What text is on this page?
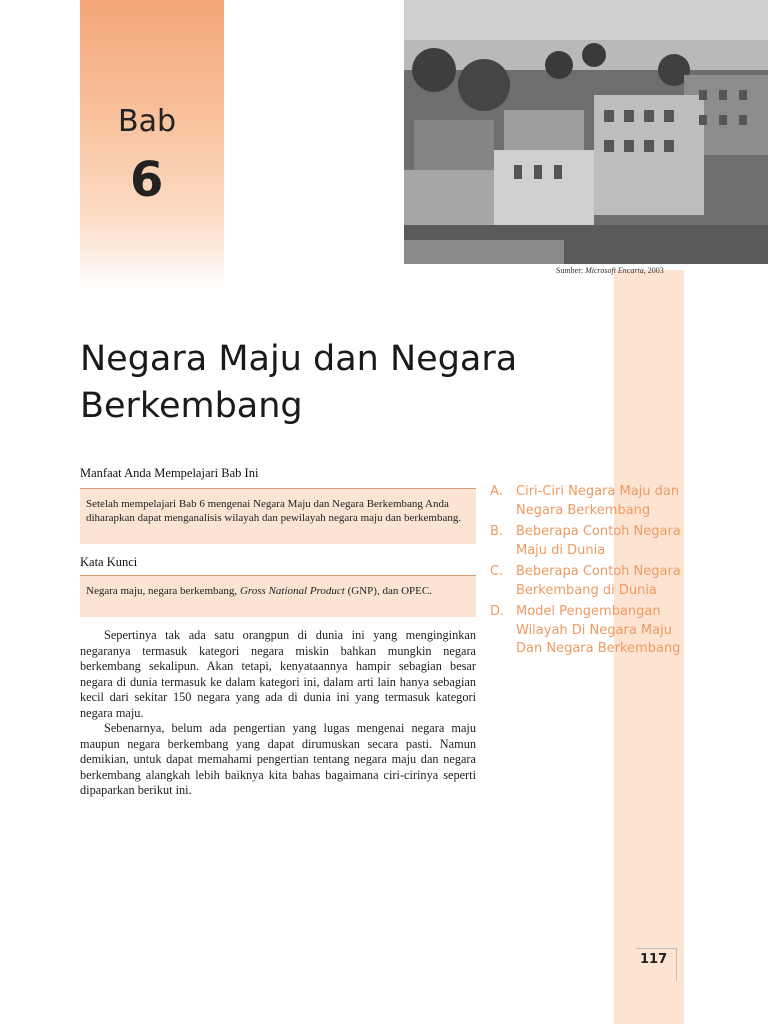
Bab
6
Sumber: Microsoft Encarta, 2003
Negara Maju dan Negara Berkembang
Manfaat Anda Mempelajari Bab Ini
Setelah mempelajari Bab 6 mengenai Negara Maju dan Negara Berkembang Anda diharapkan dapat menganalisis wilayah dan pewilayah negara maju dan berkembang.
Kata Kunci
Negara maju, negara berkembang, Gross National Product (GNP), dan OPEC.

Sepertinya tak ada satu orangpun di dunia ini yang menginginkan negaranya termasuk kategori negara miskin bahkan mungkin negara berkembang sekalipun. Akan tetapi, kenyataannya hampir sebagian besar negara di dunia termasuk ke dalam kategori ini, dalam arti lain hanya sebagian kecil dari sekitar 150 negara yang ada di dunia ini yang termasuk kategori negara maju.

Sebenarnya, belum ada pengertian yang lugas mengenai negara maju maupun negara berkembang yang dapat dirumuskan secara pasti. Namun demikian, untuk dapat memahami pengertian tentang negara maju dan negara berkembang alangkah lebih baiknya kita bahas bagaimana ciri-cirinya seperti dipaparkan berikut ini.

A. Ciri-Ciri Negara Maju dan Negara Berkembang
B. Beberapa Contoh Negara Maju di Dunia
C. Beberapa Contoh Negara Berkembang di Dunia
D. Model Pengembangan Wilayah Di Negara Maju Dan Negara Berkembang
117
